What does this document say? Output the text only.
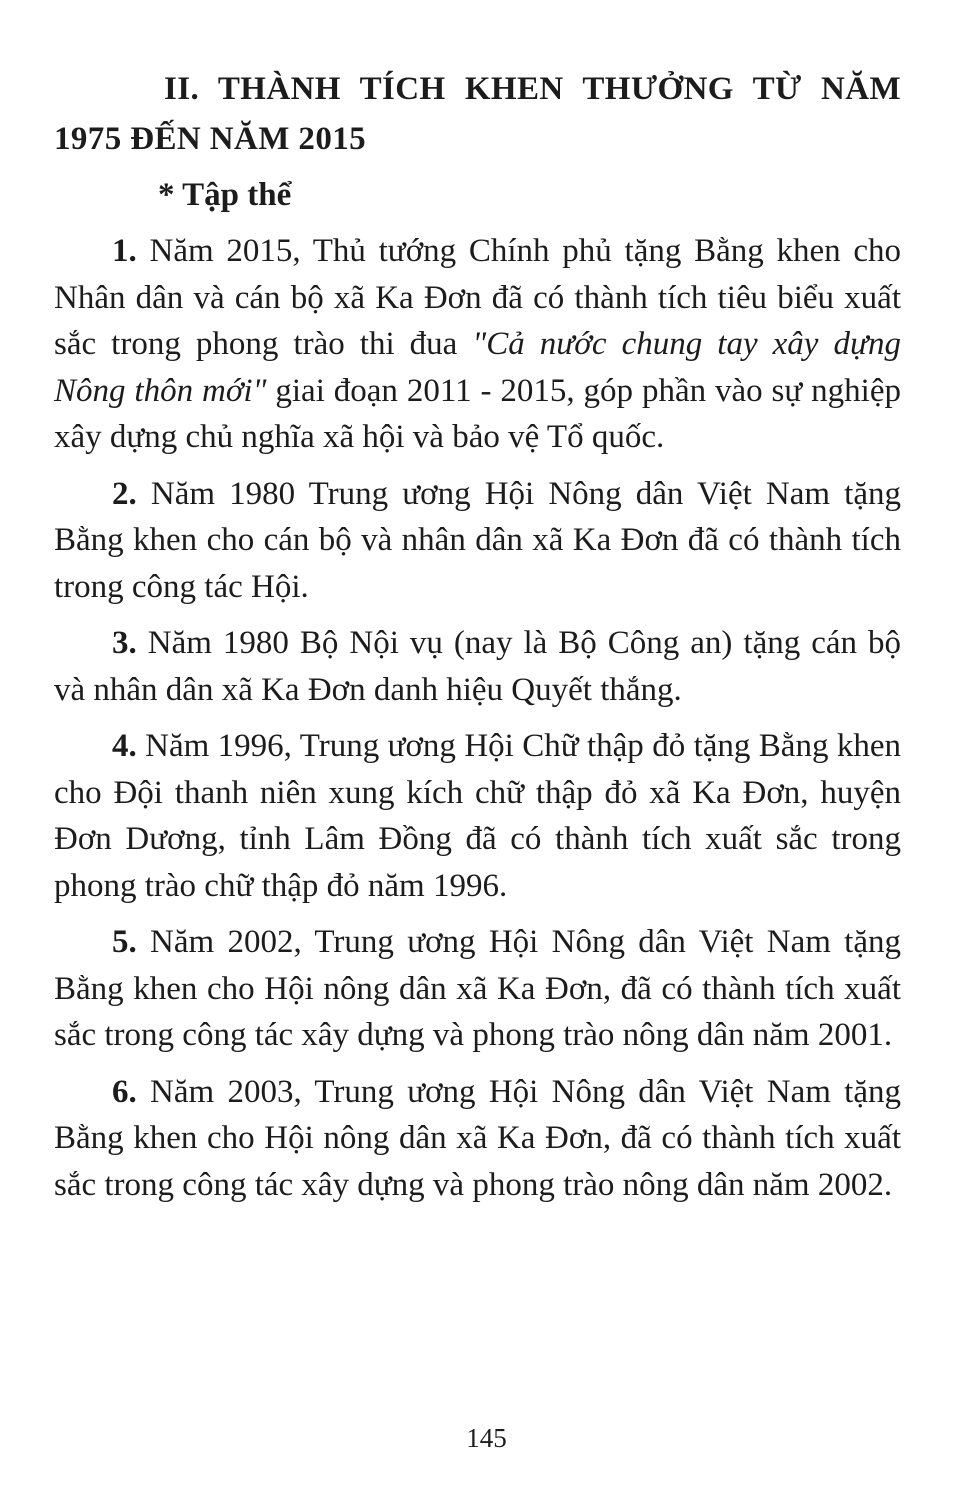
II. THÀNH TÍCH KHEN THƯỞNG TỪ NĂM 1975 ĐẾN NĂM 2015
* Tập thể

1. Năm 2015, Thủ tướng Chính phủ tặng Bằng khen cho Nhân dân và cán bộ xã Ka Đơn đã có thành tích tiêu biểu xuất sắc trong phong trào thi đua "Cả nước chung tay xây dựng Nông thôn mới" giai đoạn 2011 - 2015, góp phần vào sự nghiệp xây dựng chủ nghĩa xã hội và bảo vệ Tổ quốc.

2. Năm 1980 Trung ương Hội Nông dân Việt Nam tặng Bằng khen cho cán bộ và nhân dân xã Ka Đơn đã có thành tích trong công tác Hội.

3. Năm 1980 Bộ Nội vụ (nay là Bộ Công an) tặng cán bộ và nhân dân xã Ka Đơn danh hiệu Quyết thắng.

4. Năm 1996, Trung ương Hội Chữ thập đỏ tặng Bằng khen cho Đội thanh niên xung kích chữ thập đỏ xã Ka Đơn, huyện Đơn Dương, tỉnh Lâm Đồng đã có thành tích xuất sắc trong phong trào chữ thập đỏ năm 1996.

5. Năm 2002, Trung ương Hội Nông dân Việt Nam tặng Bằng khen cho Hội nông dân xã Ka Đơn, đã có thành tích xuất sắc trong công tác xây dựng và phong trào nông dân năm 2001.

6. Năm 2003, Trung ương Hội Nông dân Việt Nam tặng Bằng khen cho Hội nông dân xã Ka Đơn, đã có thành tích xuất sắc trong công tác xây dựng và phong trào nông dân năm 2002.

145
